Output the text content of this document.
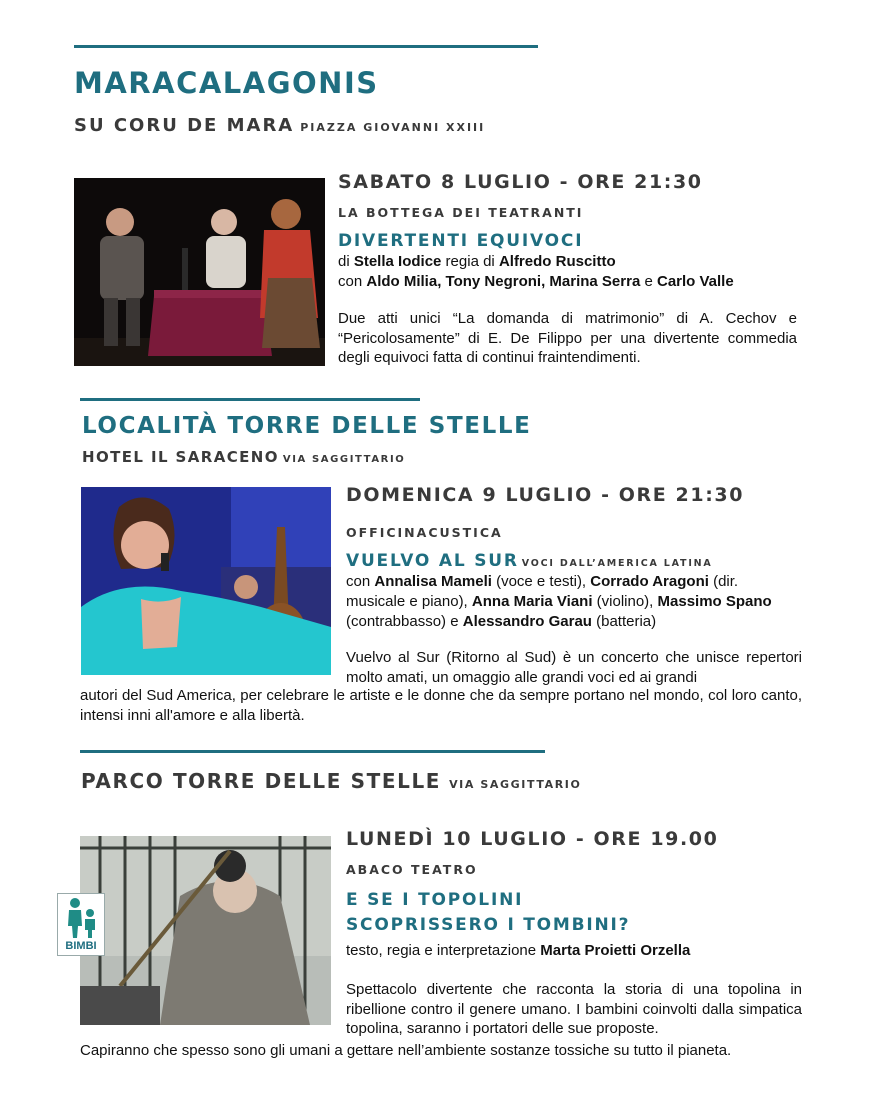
MARACALAGONIS
SU CORU DE MARA PIAZZA GIOVANNI XXIII
SABATO 8 LUGLIO - ORE 21:30
LA BOTTEGA DEI TEATRANTI
DIVERTENTI EQUIVOCI
di Stella Iodice regia di Alfredo Ruscitto
con Aldo Milia, Tony Negroni, Marina Serra e Carlo Valle
Due atti unici “La domanda di matrimonio” di A. Cechov e “Pericolosamente” di E. De Filippo per una divertente commedia degli equivoci fatta di continui fraintendimenti.
LOCALITÀ TORRE DELLE STELLE
HOTEL IL SARACENO VIA SAGGITTARIO
DOMENICA 9 LUGLIO - ORE 21:30
OFFICINACUSTICA
VUELVO AL SUR VOCI DALL’AMERICA LATINA
con Annalisa Mameli (voce e testi), Corrado Aragoni (dir. musicale e piano), Anna Maria Viani (violino), Massimo Spano (contrabbasso) e Alessandro Garau (batteria)
Vuelvo al Sur (Ritorno al Sud) è un concerto che unisce repertori molto amati, un omaggio alle grandi voci ed ai grandi
autori del Sud America, per celebrare le artiste e le donne che da sempre portano nel mondo, col loro canto, intensi inni all'amore e alla libertà.
PARCO TORRE DELLE STELLE VIA SAGGITTARIO
BIMBI
LUNEDÌ 10 LUGLIO - ORE 19.00
ABACO TEATRO
E SE I TOPOLINI
SCOPRISSERO I TOMBINI?
testo, regia e interpretazione Marta Proietti Orzella
Spettacolo divertente che racconta la storia di una topolina in ribellione contro il genere umano. I bambini coinvolti dalla simpatica topolina, saranno i portatori delle sue proposte.
Capiranno che spesso sono gli umani a gettare nell’ambiente sostanze tossiche su tutto il pianeta.
